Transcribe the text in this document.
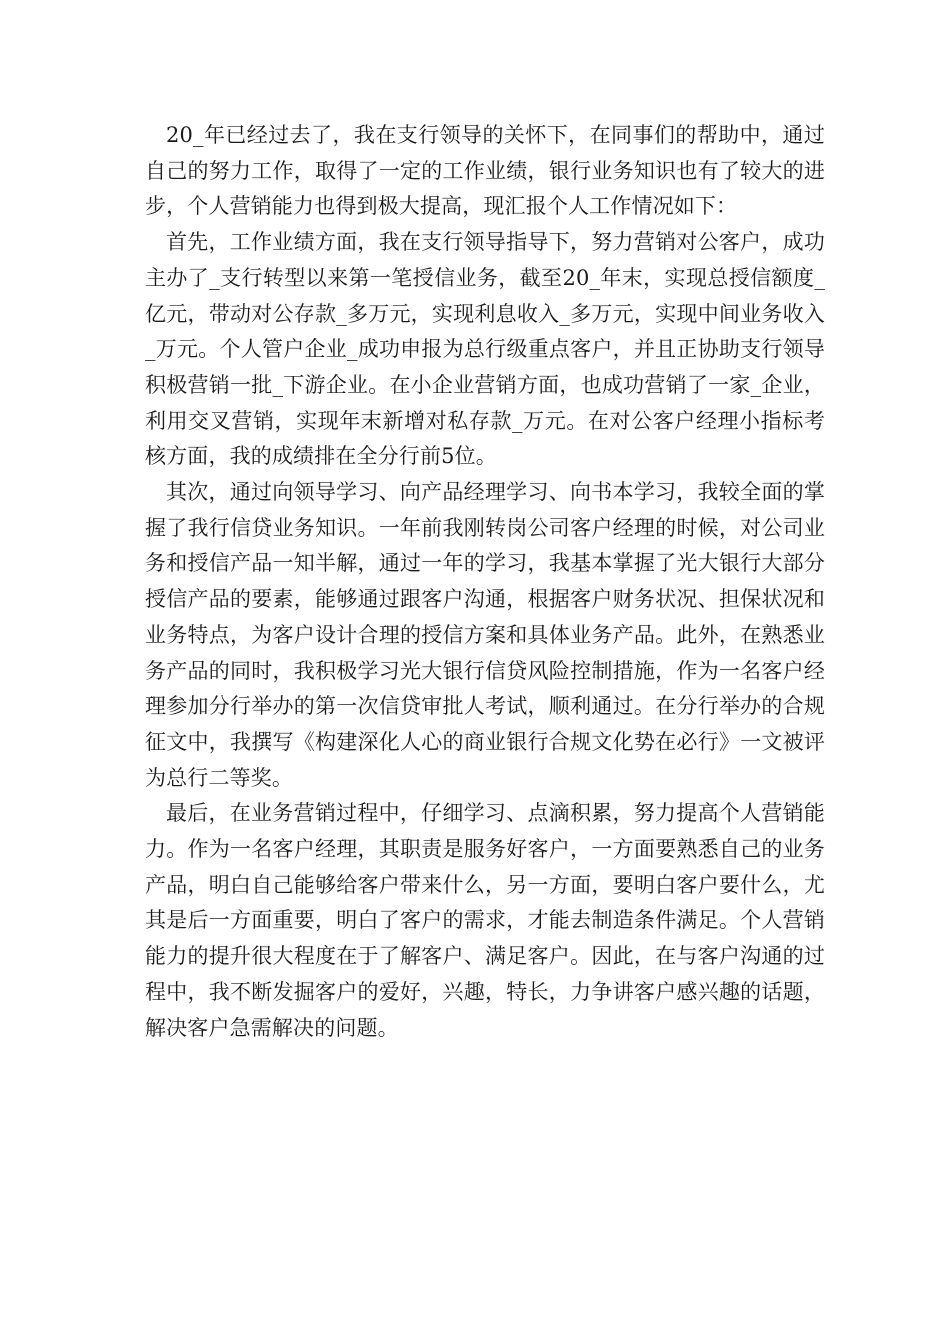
20_年已经过去了，我在支行领导的关怀下，在同事们的帮助中，通过自己的努力工作，取得了一定的工作业绩，银行业务知识也有了较大的进步，个人营销能力也得到极大提高，现汇报个人工作情况如下：

首先，工作业绩方面，我在支行领导指导下，努力营销对公客户，成功主办了_支行转型以来第一笔授信业务，截至20_年末，实现总授信额度_亿元，带动对公存款_多万元，实现利息收入_多万元，实现中间业务收入_万元。个人管户企业_成功申报为总行级重点客户，并且正协助支行领导积极营销一批_下游企业。在小企业营销方面，也成功营销了一家_企业，利用交叉营销，实现年末新增对私存款_万元。在对公客户经理小指标考核方面，我的成绩排在全分行前5位。

其次，通过向领导学习、向产品经理学习、向书本学习，我较全面的掌握了我行信贷业务知识。一年前我刚转岗公司客户经理的时候，对公司业务和授信产品一知半解，通过一年的学习，我基本掌握了光大银行大部分授信产品的要素，能够通过跟客户沟通，根据客户财务状况、担保状况和业务特点，为客户设计合理的授信方案和具体业务产品。此外，在熟悉业务产品的同时，我积极学习光大银行信贷风险控制措施，作为一名客户经理参加分行举办的第一次信贷审批人考试，顺利通过。在分行举办的合规征文中，我撰写《构建深化人心的商业银行合规文化势在必行》一文被评为总行二等奖。

最后，在业务营销过程中，仔细学习、点滴积累，努力提高个人营销能力。作为一名客户经理，其职责是服务好客户，一方面要熟悉自己的业务产品，明白自己能够给客户带来什么，另一方面，要明白客户要什么，尤其是后一方面重要，明白了客户的需求，才能去制造条件满足。个人营销能力的提升很大程度在于了解客户、满足客户。因此，在与客户沟通的过程中，我不断发掘客户的爱好，兴趣，特长，力争讲客户感兴趣的话题，解决客户急需解决的问题。
